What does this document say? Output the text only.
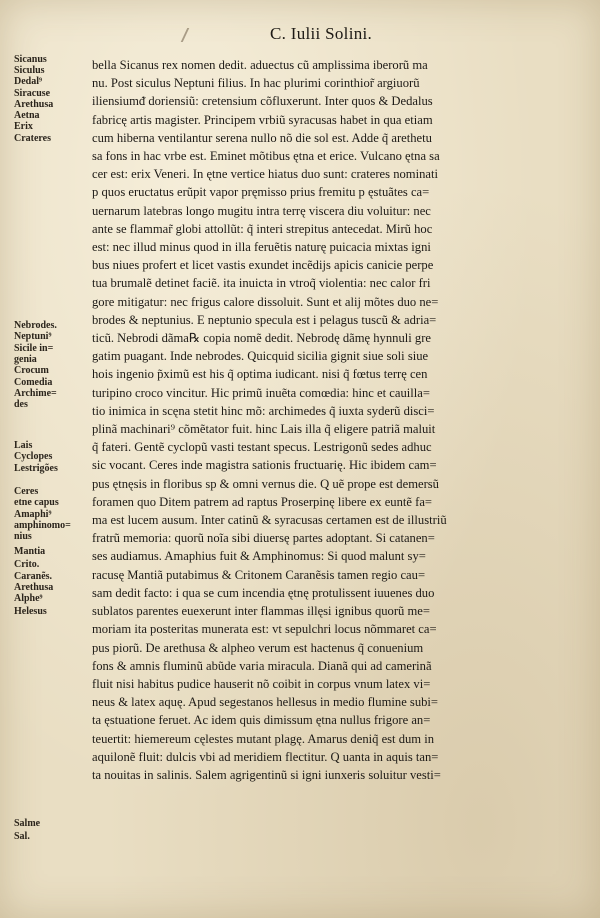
C. Iulii Solini.
bella Sicanus rex nomen dedit. aduectus cũ amplissima iberorũ ma
nu. Post siculus Neptuni filius. In hac plurimi corinthior̃ argiuorũ
iliensiumᵭ doriensiũ: cretensium cõfluxerunt. Inter quos & Dedalus
fabricę artis magister. Principem vrbiũ syracusas habet in qua etiam
cum hiberna ventilantur serena nullo nõ die sol est. Adde q̃ arethetu
sa fons in hac vrbe est. Eminet mõtibus ętna et erice. Vulcano ętna sa
cer est: erix Veneri. In ętne vertice hiatus duo sunt: crateres nominati
p quos eructatus erũpit vapor pręmisso prius fremitu p ęstuãtes ca=
uernarum latebras longo mugitu intra terrę viscera diu voluitur: nec
ante se flammar̃ globi attollũt: q̃ interi strepitus antecedat. Mirũ hoc
est: nec illud minus quod in illa feruẽtis naturę puicacia mixtas igni
bus niues profert et licet vastis exundet incẽdijs apicis canicie perpe
tua brumalẽ detinet faciẽ. ita inuicta in vtroq̃ violentia: nec calor fri
gore mitigatur: nec frigus calore dissoluit. Sunt et alij mõtes duo ne=
brodes & neptunius. E neptunio specula est i pelagus tuscũ & adria=
ticũ. Nebrodi dãma℞ copia nomẽ dedit. Nebrodę dãmę hynnuli gre
gatim puagant. Inde nebrodes. Quicquid sicilia gignit siue soli siue
hois ingenio p̃ximũ est his q̃ optima iudicant. nisi q̃ fœtus terrę cen
turipino croco vincitur. Hic primũ inuẽta comœdia: hinc et cauilla=
tio inimica in scęna stetit hinc mõ: archimedes q̃ iuxta syderũ disci=
plinã machinari⁹ cõmẽtator fuit. hinc Lais illa q̃ eligere patriã maluit
q̃ fateri. Gentẽ cyclopũ vasti testant specus. Lestrigonũ sedes adhuc
sic vocant. Ceres inde magistra sationis fructuarię. Hic ibidem cam=
pus ętnęsis in floribus sp & omni vernus die. Q uẽ prope est demersũ
foramen quo Ditem patrem ad raptus Proserpinę libere ex euntẽ fa=
ma est lucem ausum. Inter catinũ & syracusas certamen est de illustriũ
fratrũ memoria: quorũ noĩa sibi diuersę partes adoptant. Si catanen=
ses audiamus. Amaphius fuit & Amphinomus: Si quod malunt sy=
racusę Mantiã putabimus & Critonem Caranẽsis tamen regio cau=
sam dedit facto: i qua se cum incendia ętnę protulissent iuuenes duo
sublatos parentes euexerunt inter flammas illęsi ignibus quorũ me=
moriam ita posteritas munerata est: vt sepulchri locus nõmmaret ca=
pus piorũ. De arethusa & alpheo verum est hactenus q̃ conuenium
fons & amnis fluminũ abũde varia miracula. Dianã qui ad camerinã
fluit nisi habitus pudice hauserit nõ coibit in corpus vnum latex vi=
neus & latex aquę. Apud segestanos hellesus in medio flumine subi=
ta ęstuatione feruet. Ac idem quis dimissum ętna nullus frigore an=
teuertit: hiemereum cęlestes mutant plagę. Amarus deniq̃ est dum in
aquilonẽ fluit: dulcis vbi ad meridiem flectitur. Q uanta in aquis tan=
ta nouitas in salinis. Salem agrigentinũ si igni iunxeris soluitur vesti=
Sicanus
Siculus
Dedal⁹
Siracuse
Arethusa
Aetna
Erix
Crateres
Nebrodes.
Neptuni⁹
Sicile in=
genia
Crocum
Comedia
Archime=
des
Lais
Cyclopes
Lestrigões
Ceres
etne capus
Amaphi⁹
amphinomo=
nius
Mantia
Crito.
Caranẽs.
Arethusa
Alphe⁹
Helesus
Salme
Sal.
